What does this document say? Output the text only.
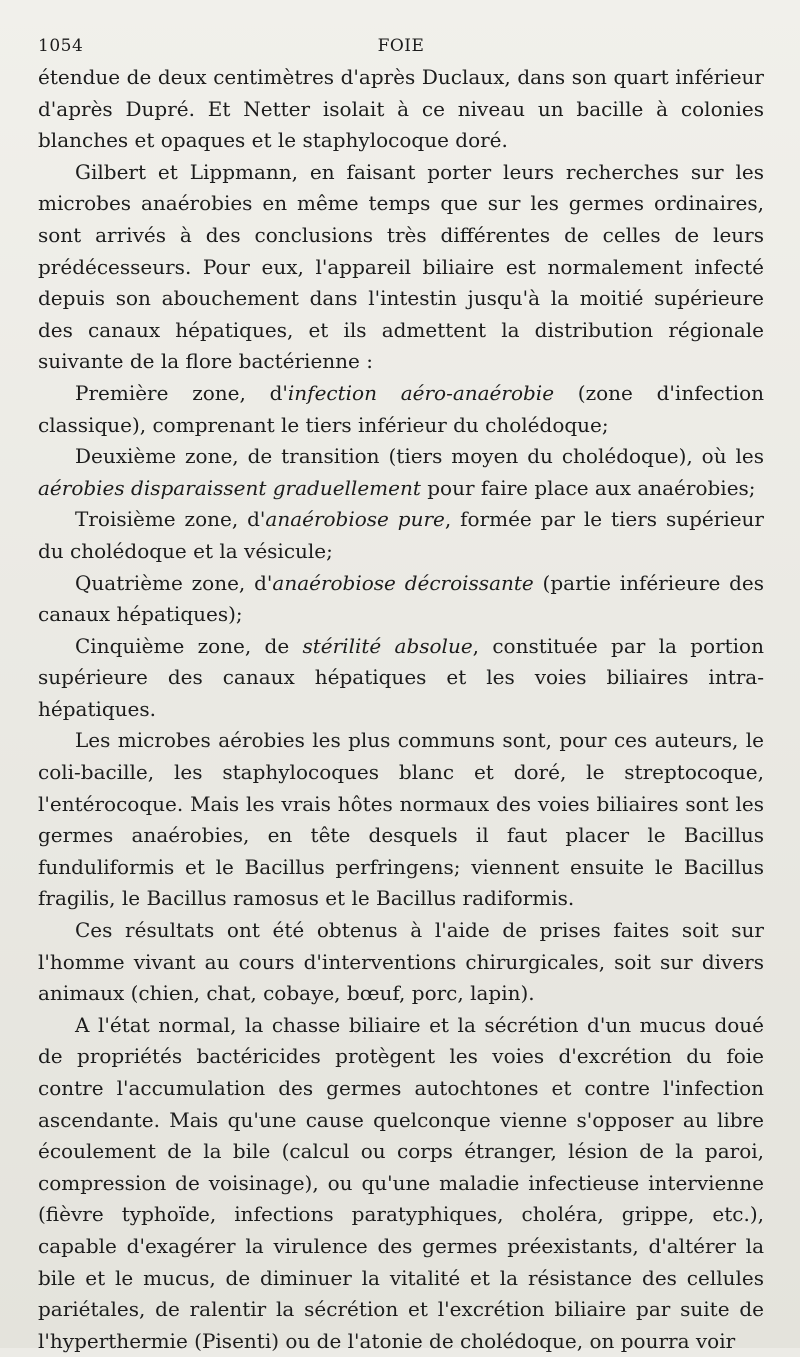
1054	FOIE

étendue de deux centimètres d'après Duclaux, dans son quart inférieur d'après Dupré. Et Netter isolait à ce niveau un bacille à colonies blanches et opaques et le staphylocoque doré.

Gilbert et Lippmann, en faisant porter leurs recherches sur les microbes anaérobies en même temps que sur les germes ordinaires, sont arrivés à des conclusions très différentes de celles de leurs prédécesseurs. Pour eux, l'appareil biliaire est normalement infecté depuis son abouchement dans l'intestin jusqu'à la moitié supérieure des canaux hépatiques, et ils admettent la distribution régionale suivante de la flore bactérienne :

Première zone, d'infection aéro-anaérobie (zone d'infection classique), comprenant le tiers inférieur du cholédoque;

Deuxième zone, de transition (tiers moyen du cholédoque), où les aérobies disparaissent graduellement pour faire place aux anaérobies;

Troisième zone, d'anaérobiose pure, formée par le tiers supérieur du cholédoque et la vésicule;

Quatrième zone, d'anaérobiose décroissante (partie inférieure des canaux hépatiques);

Cinquième zone, de stérilité absolue, constituée par la portion supérieure des canaux hépatiques et les voies biliaires intra-hépatiques.

Les microbes aérobies les plus communs sont, pour ces auteurs, le coli-bacille, les staphylocoques blanc et doré, le streptocoque, l'entérocoque. Mais les vrais hôtes normaux des voies biliaires sont les germes anaérobies, en tête desquels il faut placer le Bacillus funduliformis et le Bacillus perfringens; viennent ensuite le Bacillus fragilis, le Bacillus ramosus et le Bacillus radiformis.

Ces résultats ont été obtenus à l'aide de prises faites soit sur l'homme vivant au cours d'interventions chirurgicales, soit sur divers animaux (chien, chat, cobaye, bœuf, porc, lapin).

A l'état normal, la chasse biliaire et la sécrétion d'un mucus doué de propriétés bactéricides protègent les voies d'excrétion du foie contre l'accumulation des germes autochtones et contre l'infection ascendante. Mais qu'une cause quelconque vienne s'opposer au libre écoulement de la bile (calcul ou corps étranger, lésion de la paroi, compression de voisinage), ou qu'une maladie infectieuse intervienne (fièvre typhoïde, infections paratyphiques, choléra, grippe, etc.), capable d'exagérer la virulence des germes préexistants, d'altérer la bile et le mucus, de diminuer la vitalité et la résistance des cellules pariétales, de ralentir la sécrétion et l'excrétion biliaire par suite de l'hyperthermie (Pisenti) ou de l'atonie de cholédoque, on pourra voir
